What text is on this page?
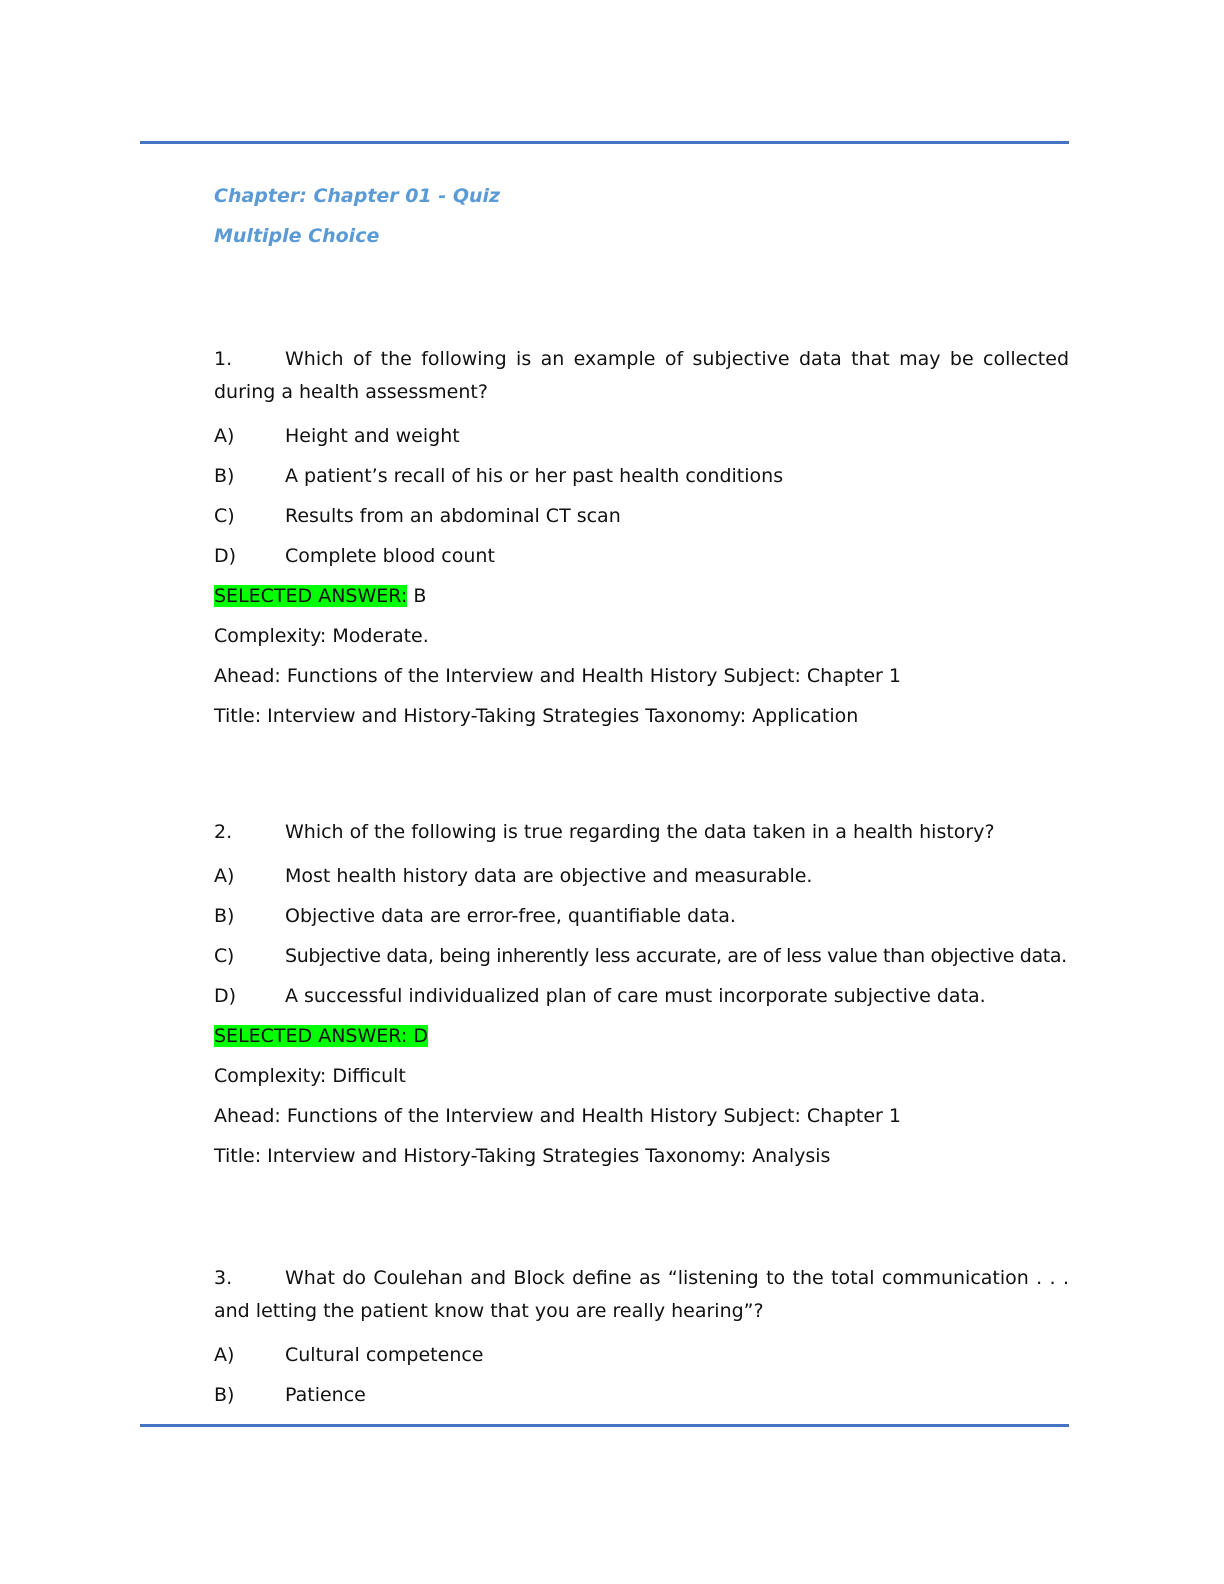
Chapter: Chapter 01 - Quiz
Multiple Choice
1.	Which of the following is an example of subjective data that may be collected during a health assessment?
A)	Height and weight
B)	A patient’s recall of his or her past health conditions
C)	Results from an abdominal CT scan
D)	Complete blood count
SELECTED ANSWER: B
Complexity: Moderate.
Ahead: Functions of the Interview and Health History Subject: Chapter 1
Title: Interview and History-Taking Strategies Taxonomy: Application
2.	Which of the following is true regarding the data taken in a health history?
A)	Most health history data are objective and measurable.
B)	Objective data are error-free, quantifiable data.
C)	Subjective data, being inherently less accurate, are of less value than objective data.
D)	A successful individualized plan of care must incorporate subjective data.
SELECTED ANSWER: D
Complexity: Difficult
Ahead: Functions of the Interview and Health History Subject: Chapter 1
Title: Interview and History-Taking Strategies Taxonomy: Analysis
3.	What do Coulehan and Block define as “listening to the total communication . . . and letting the patient know that you are really hearing”?
A)	Cultural competence
B)	Patience
